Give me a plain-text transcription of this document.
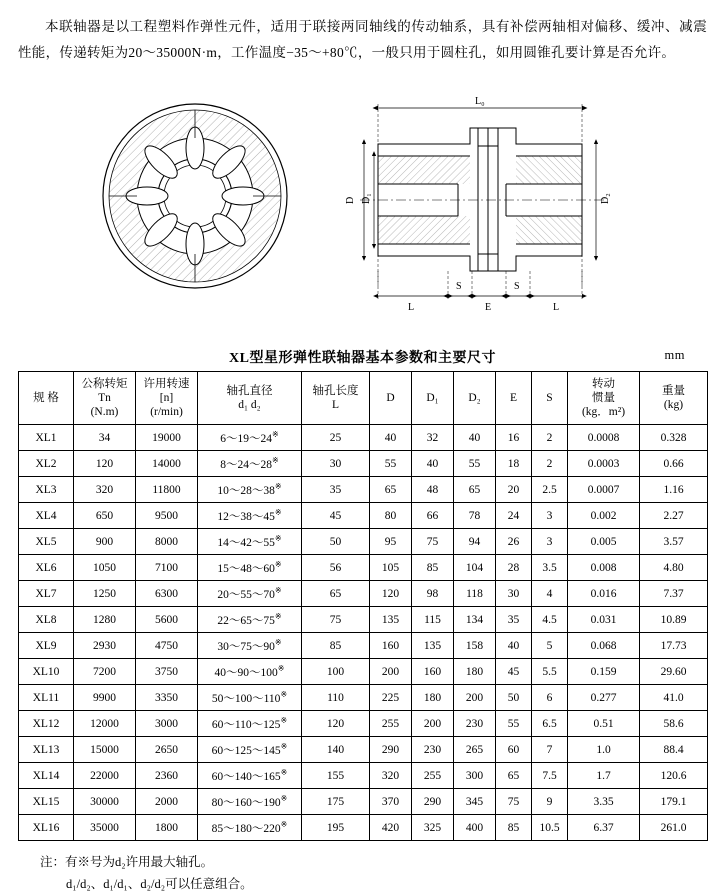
本联轴器是以工程塑料作弹性元件，适用于联接两同轴线的传动轴系，具有补偿两轴相对偏移、缓冲、减震性能，传递转矩为20～35000N·m，工作温度−35～+80℃，一般只用于圆柱孔，如用圆锥孔要计算是否允许。

L₀
D D₁	D₂
L
S
E
S
L
XL型星形弹性联轴器基本参数和主要尺寸	mm
规 格	
公称转矩
Tn
(N.m)

许用转速
[n]
(r/min)

轴孔直径
d₁ d₂

轴孔长度
L
	D	D₁	D₂	E	S	
转动
惯量
(kg．m²)

重量
(kg)

XL1	34	19000	6～19～24※	25	40	32	40	16	2	0.0008	0.328
XL2	120	14000	8～24～28※	30	55	40	55	18	2	0.0003	0.66
XL3	320	11800	10～28～38※	35	65	48	65	20	2.5	0.0007	1.16
XL4	650	9500	12～38～45※	45	80	66	78	24	3	0.002	2.27
XL5	900	8000	14～42～55※	50	95	75	94	26	3	0.005	3.57
XL6	1050	7100	15～48～60※	56	105	85	104	28	3.5	0.008	4.80
XL7	1250	6300	20～55～70※	65	120	98	118	30	4	0.016	7.37
XL8	1280	5600	22～65～75※	75	135	115	134	35	4.5	0.031	10.89
XL9	2930	4750	30～75～90※	85	160	135	158	40	5	0.068	17.73
XL10	7200	3750	40～90～100※	100	200	160	180	45	5.5	0.159	29.60
XL11	9900	3350	50～100～110※	110	225	180	200	50	6	0.277	41.0
XL12	12000	3000	60～110～125※	120	255	200	230	55	6.5	0.51	58.6
XL13	15000	2650	60～125～145※	140	290	230	265	60	7	1.0	88.4
XL14	22000	2360	60～140～165※	155	320	255	300	65	7.5	1.7	120.6
XL15	30000	2000	80～160～190※	175	370	290	345	75	9	3.35	179.1
XL16	35000	1800	85～180～220※	195	420	325	400	85	10.5	6.37	261.0
注：有※号为d₂许用最大轴孔。
d₁/d₂、d₁/d₁、d₂/d₂可以任意组合。
